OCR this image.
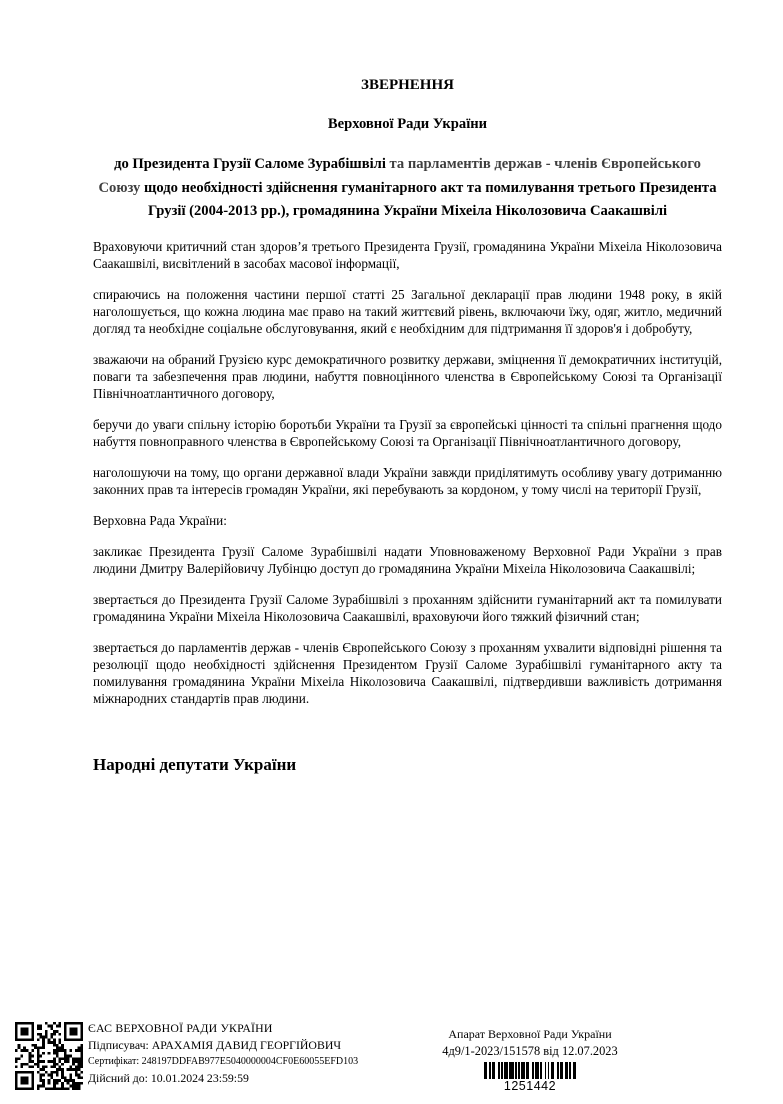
ЗВЕРНЕННЯ

Верховної Ради України

до Президента Грузії Саломе Зурабішвілі та парламентів держав - членів Європейського Союзу щодо необхідності здійснення гуманітарного акт та помилування третього Президента Грузії (2004-2013 рр.), громадянина України Міхеіла Ніколозовича Саакашвілі

Враховуючи критичний стан здоров’я третього Президента Грузії, громадянина України Міхеіла Ніколозовича Саакашвілі, висвітлений в засобах масової інформації,

спираючись на положення частини першої статті 25 Загальної декларації прав людини 1948 року, в якій наголошується, що кожна людина має право на такий життєвий рівень, включаючи їжу, одяг, житло, медичний догляд та необхідне соціальне обслуговування, який є необхідним для підтримання її здоров'я і добробуту,

зважаючи на обраний Грузією курс демократичного розвитку держави, зміцнення її демократичних інституцій, поваги та забезпечення прав людини, набуття повноцінного членства в Європейському Союзі та Організації Північноатлантичного договору,

беручи до уваги спільну історію боротьби України та Грузії за європейські цінності та спільні прагнення щодо набуття повноправного членства в Європейському Союзі та Організації Північноатлантичного договору,

наголошуючи на тому, що органи державної влади України завжди приділятимуть особливу увагу дотриманню законних прав та інтересів громадян України, які перебувають за кордоном, у тому числі на території Грузії,

Верховна Рада України:

закликає Президента Грузії Саломе Зурабішвілі надати Уповноваженому Верховної Ради України з прав людини Дмитру Валерійовичу Лубінцю доступ до громадянина України Міхеіла Ніколозовича Саакашвілі;

звертається до Президента Грузії Саломе Зурабішвілі з проханням здійснити гуманітарний акт та помилувати громадянина України Міхеіла Ніколозовича Саакашвілі, враховуючи його тяжкий фізичний стан;

звертається до парламентів держав - членів Європейського Союзу з проханням ухвалити відповідні рішення та резолюції щодо необхідності здійснення Президентом Грузії Саломе Зурабішвілі гуманітарного акту та помилування громадянина України Міхеіла Ніколозовича Саакашвілі, підтвердивши важливість дотримання міжнародних стандартів прав людини.

Народні депутати України

ЄАС ВЕРХОВНОЇ РАДИ УКРАЇНИ

Підписувач: АРАХАМІЯ ДАВИД ГЕОРГІЙОВИЧ

Сертифікат: 248197DDFAB977E5040000004CF0E60055EFD103

Дійсний до: 10.01.2024 23:59:59

Апарат Верховної Ради України

4д9/1-2023/151578 від 12.07.2023

1251442
